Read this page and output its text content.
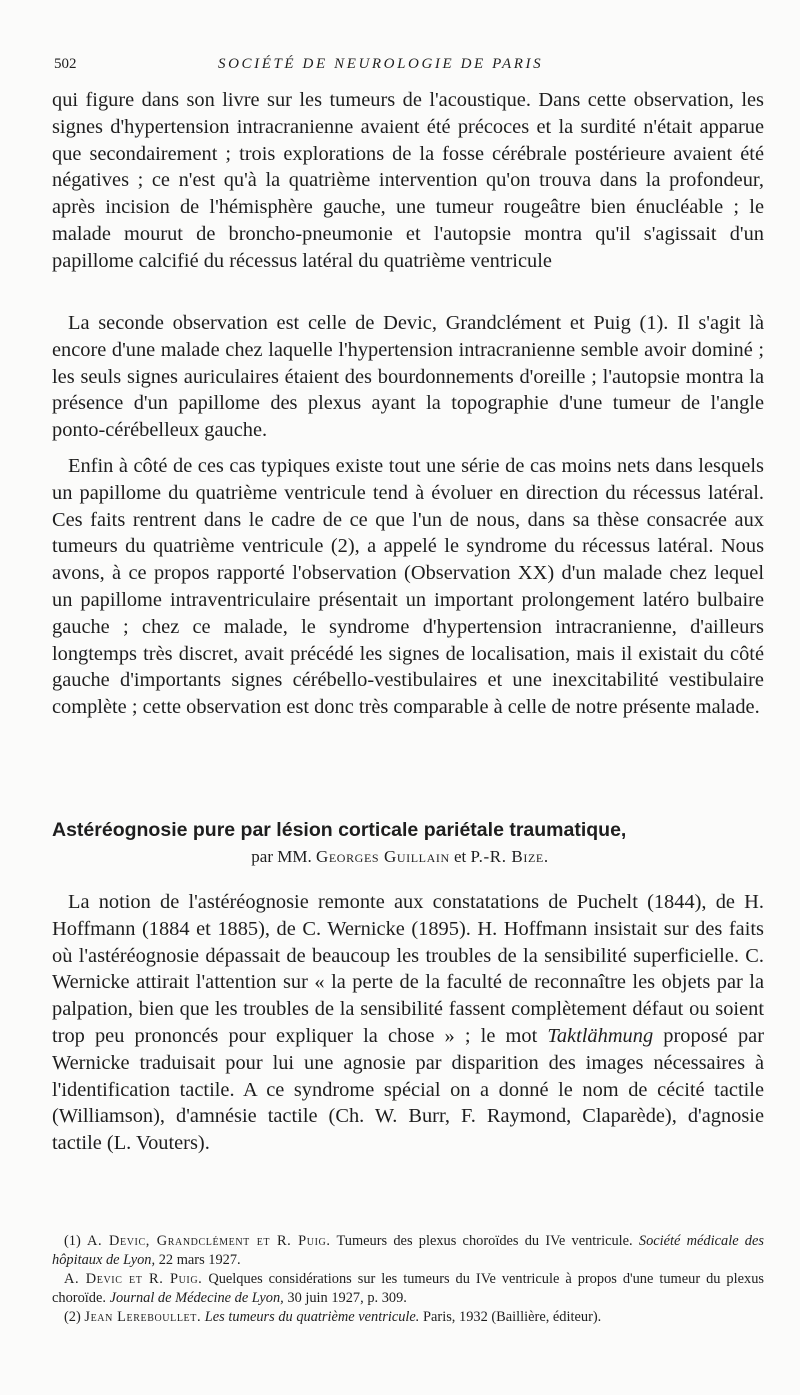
502	SOCIÉTÉ DE NEUROLOGIE DE PARIS

qui figure dans son livre sur les tumeurs de l'acoustique. Dans cette observation, les signes d'hypertension intracranienne avaient été précoces et la surdité n'était apparue que secondairement ; trois explorations de la fosse cérébrale postérieure avaient été négatives ; ce n'est qu'à la quatrième intervention qu'on trouva dans la profondeur, après incision de l'hémisphère gauche, une tumeur rougeâtre bien énucléable ; le malade mourut de broncho-pneumonie et l'autopsie montra qu'il s'agissait d'un papillome calcifié du récessus latéral du quatrième ventricule

La seconde observation est celle de Devic, Grandclément et Puig (1). Il s'agit là encore d'une malade chez laquelle l'hypertension intracranienne semble avoir dominé ; les seuls signes auriculaires étaient des bourdonnements d'oreille ; l'autopsie montra la présence d'un papillome des plexus ayant la topographie d'une tumeur de l'angle ponto-cérébelleux gauche.

Enfin à côté de ces cas typiques existe tout une série de cas moins nets dans lesquels un papillome du quatrième ventricule tend à évoluer en direction du récessus latéral. Ces faits rentrent dans le cadre de ce que l'un de nous, dans sa thèse consacrée aux tumeurs du quatrième ventricule (2), a appelé le syndrome du récessus latéral. Nous avons, à ce propos rapporté l'observation (Observation XX) d'un malade chez lequel un papillome intraventriculaire présentait un important prolongement latéro bulbaire gauche ; chez ce malade, le syndrome d'hypertension intracranienne, d'ailleurs longtemps très discret, avait précédé les signes de localisation, mais il existait du côté gauche d'importants signes cérébello-vestibulaires et une inexcitabilité vestibulaire complète ; cette observation est donc très comparable à celle de notre présente malade.

Astéréognosie pure par lésion corticale pariétale traumatique,

par MM. Georges Guillain et P.-R. Bize.

La notion de l'astéréognosie remonte aux constatations de Puchelt (1844), de H. Hoffmann (1884 et 1885), de C. Wernicke (1895). H. Hoffmann insistait sur des faits où l'astéréognosie dépassait de beaucoup les troubles de la sensibilité superficielle. C. Wernicke attirait l'attention sur « la perte de la faculté de reconnaître les objets par la palpation, bien que les troubles de la sensibilité fassent complètement défaut ou soient trop peu prononcés pour expliquer la chose » ; le mot Taktlähmung proposé par Wernicke traduisait pour lui une agnosie par disparition des images nécessaires à l'identification tactile. A ce syndrome spécial on a donné le nom de cécité tactile (Williamson), d'amnésie tactile (Ch. W. Burr, F. Raymond, Claparède), d'agnosie tactile (L. Vouters).

(1) A. Devic, Grandclément et R. Puig. Tumeurs des plexus choroïdes du IVe ventricule. Société médicale des hôpitaux de Lyon, 22 mars 1927.

A. Devic et R. Puig. Quelques considérations sur les tumeurs du IVe ventricule à propos d'une tumeur du plexus choroïde. Journal de Médecine de Lyon, 30 juin 1927, p. 309.

(2) Jean Lereboullet. Les tumeurs du quatrième ventricule. Paris, 1932 (Baillière, éditeur).
